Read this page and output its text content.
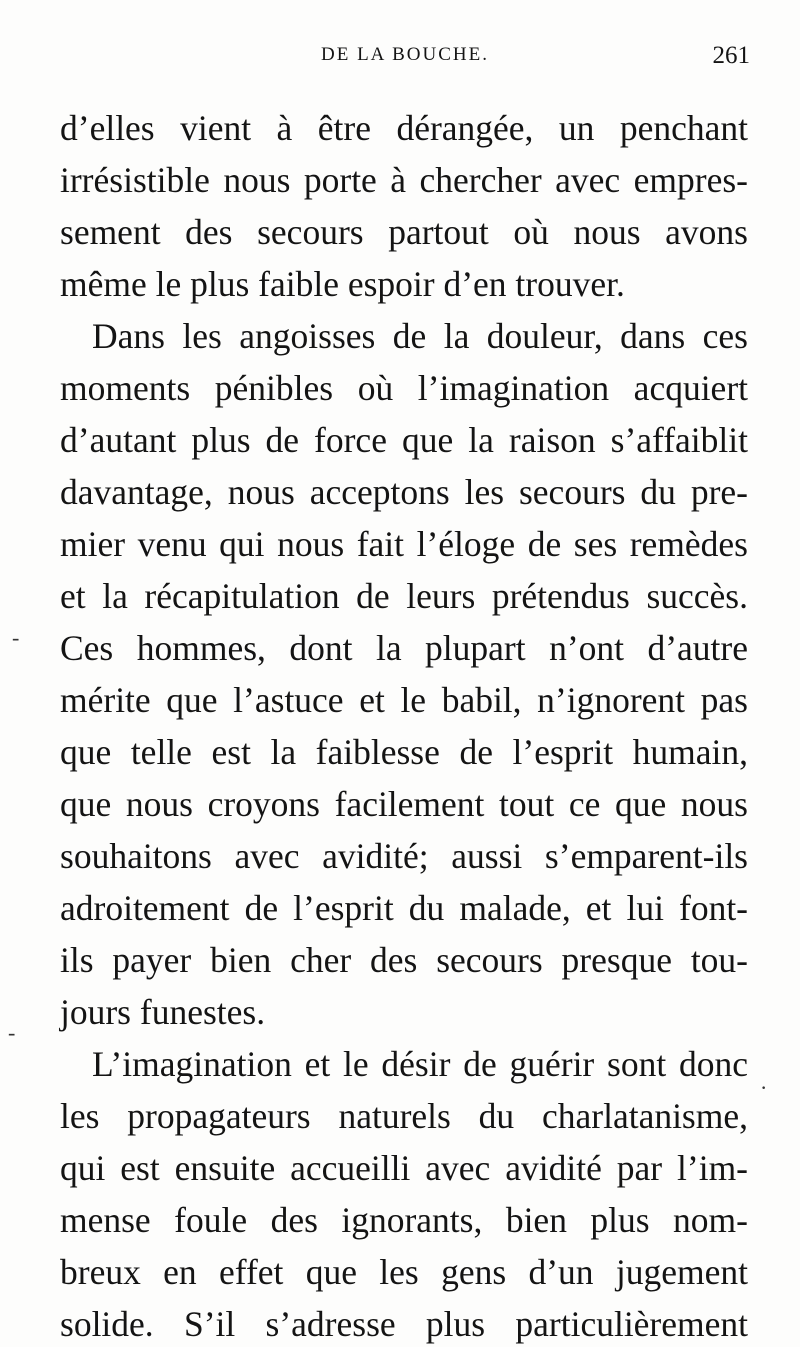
DE LA BOUCHE.	261
d’elles vient à être dérangée, un penchant
irrésistible nous porte à chercher avec empres-
sement des secours partout où nous avons
même le plus faible espoir d’en trouver.
Dans les angoisses de la douleur, dans ces
moments pénibles où l’imagination acquiert
d’autant plus de force que la raison s’affaiblit
davantage, nous acceptons les secours du pre-
mier venu qui nous fait l’éloge de ses remèdes
et la récapitulation de leurs prétendus succès.
Ces hommes, dont la plupart n’ont d’autre
mérite que l’astuce et le babil, n’ignorent pas
que telle est la faiblesse de l’esprit humain,
que nous croyons facilement tout ce que nous
souhaitons avec avidité; aussi s’emparent-ils
adroitement de l’esprit du malade, et lui font-
ils payer bien cher des secours presque tou-
jours funestes.
L’imagination et le désir de guérir sont donc
les propagateurs naturels du charlatanisme,
qui est ensuite accueilli avec avidité par l’im-
mense foule des ignorants, bien plus nom-
breux en effet que les gens d’un jugement
solide. S’il s’adresse plus particulièrement
-
-
·
